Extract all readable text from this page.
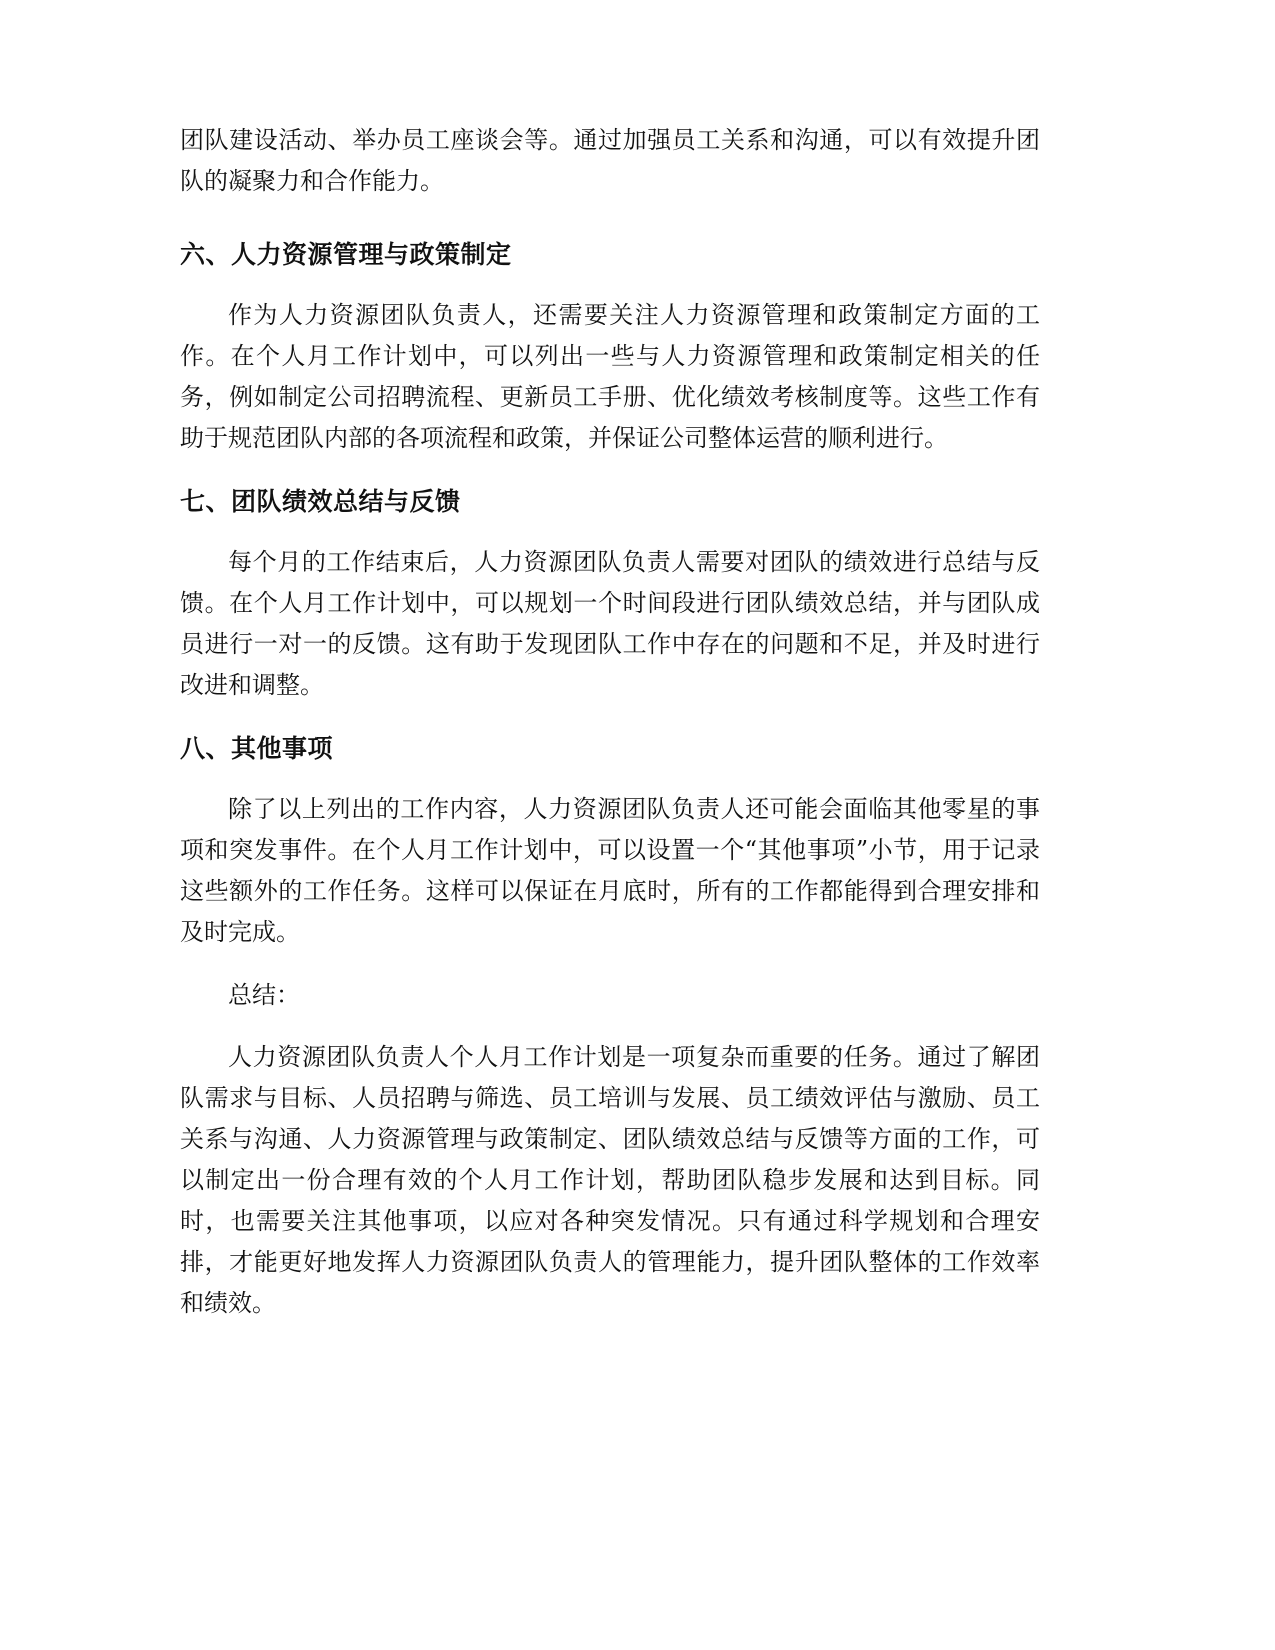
团队建设活动、举办员工座谈会等。通过加强员工关系和沟通，可以有效提升团队的凝聚力和合作能力。

六、人力资源管理与政策制定

作为人力资源团队负责人，还需要关注人力资源管理和政策制定方面的工作。在个人月工作计划中，可以列出一些与人力资源管理和政策制定相关的任务，例如制定公司招聘流程、更新员工手册、优化绩效考核制度等。这些工作有助于规范团队内部的各项流程和政策，并保证公司整体运营的顺利进行。

七、团队绩效总结与反馈

每个月的工作结束后，人力资源团队负责人需要对团队的绩效进行总结与反馈。在个人月工作计划中，可以规划一个时间段进行团队绩效总结，并与团队成员进行一对一的反馈。这有助于发现团队工作中存在的问题和不足，并及时进行改进和调整。

八、其他事项

除了以上列出的工作内容，人力资源团队负责人还可能会面临其他零星的事项和突发事件。在个人月工作计划中，可以设置一个“其他事项”小节，用于记录这些额外的工作任务。这样可以保证在月底时，所有的工作都能得到合理安排和及时完成。

总结：

人力资源团队负责人个人月工作计划是一项复杂而重要的任务。通过了解团队需求与目标、人员招聘与筛选、员工培训与发展、员工绩效评估与激励、员工关系与沟通、人力资源管理与政策制定、团队绩效总结与反馈等方面的工作，可以制定出一份合理有效的个人月工作计划，帮助团队稳步发展和达到目标。同时，也需要关注其他事项，以应对各种突发情况。只有通过科学规划和合理安排，才能更好地发挥人力资源团队负责人的管理能力，提升团队整体的工作效率和绩效。
